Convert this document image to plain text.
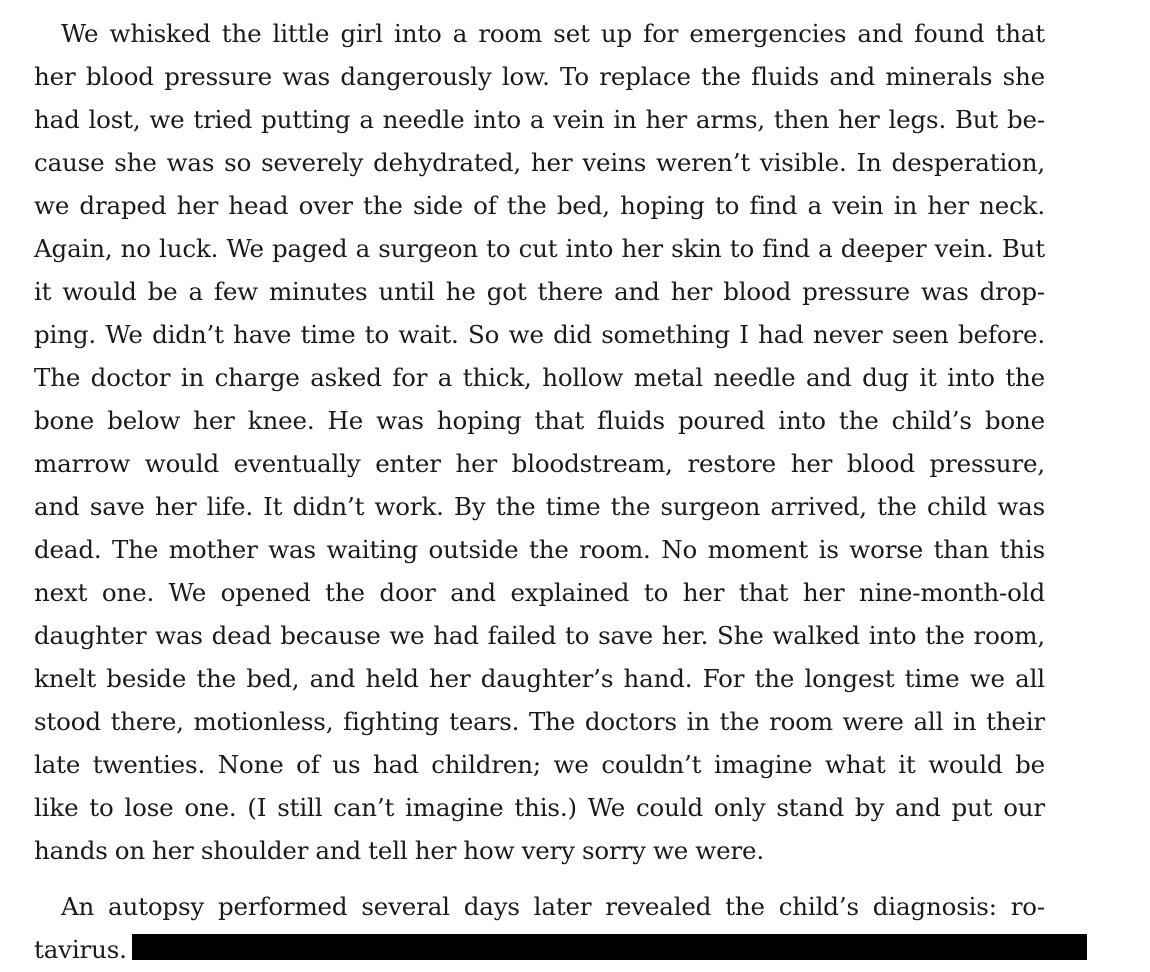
We whisked the little girl into a room set up for emergencies and found that
her blood pressure was dangerously low. To replace the fluids and minerals she
had lost, we tried putting a needle into a vein in her arms, then her legs. But be-
cause she was so severely dehydrated, her veins weren’t visible. In desperation,
we draped her head over the side of the bed, hoping to find a vein in her neck.
Again, no luck. We paged a surgeon to cut into her skin to find a deeper vein. But
it would be a few minutes until he got there and her blood pressure was drop-
ping. We didn’t have time to wait. So we did something I had never seen before.
The doctor in charge asked for a thick, hollow metal needle and dug it into the
bone below her knee. He was hoping that fluids poured into the child’s bone
marrow would eventually enter her bloodstream, restore her blood pressure,
and save her life. It didn’t work. By the time the surgeon arrived, the child was
dead. The mother was waiting outside the room. No moment is worse than this
next one. We opened the door and explained to her that her nine-month-old
daughter was dead because we had failed to save her. She walked into the room,
knelt beside the bed, and held her daughter’s hand. For the longest time we all
stood there, motionless, fighting tears. The doctors in the room were all in their
late twenties. None of us had children; we couldn’t imagine what it would be
like to lose one. (I still can’t imagine this.) We could only stand by and put our
hands on her shoulder and tell her how very sorry we were.
An autopsy performed several days later revealed the child’s diagnosis: ro-
tavirus.
